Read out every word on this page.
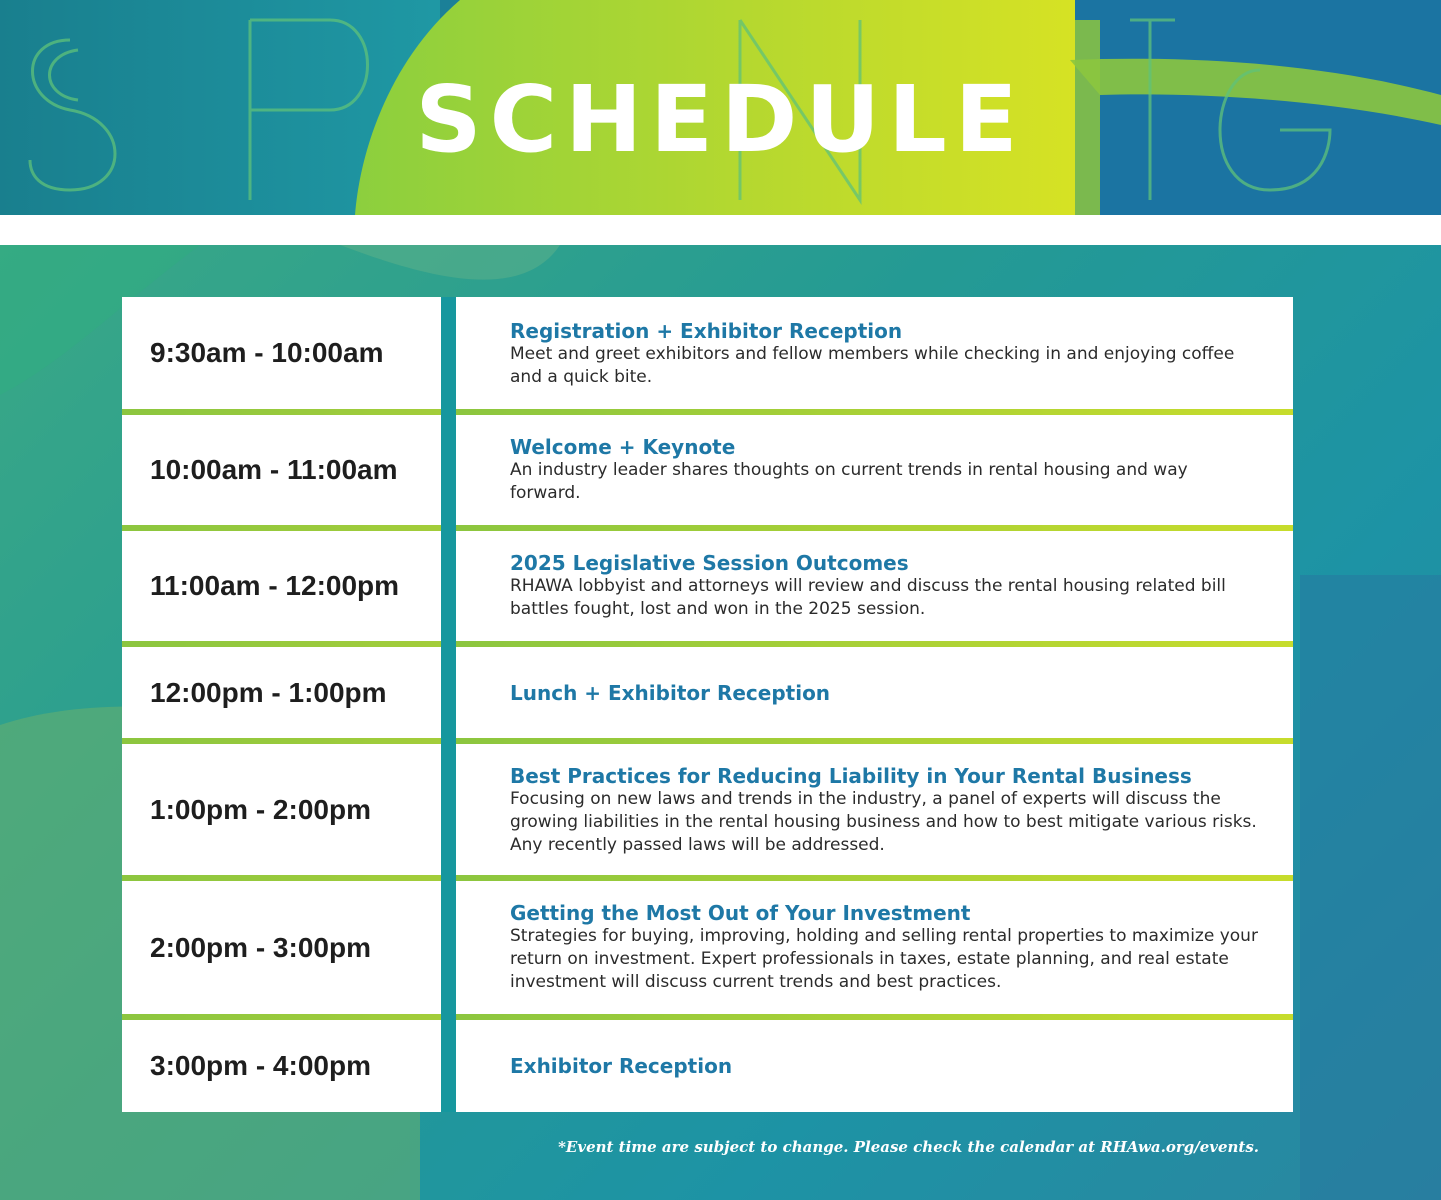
SCHEDULE
9:30am - 10:00am
Registration + Exhibitor Reception
Meet and greet exhibitors and fellow members while checking in and enjoying coffee and a quick bite.
10:00am - 11:00am
Welcome + Keynote
An industry leader shares thoughts on current trends in rental housing and way forward.
11:00am - 12:00pm
2025 Legislative Session Outcomes
RHAWA lobbyist and attorneys will review and discuss the rental housing related bill battles fought, lost and won in the 2025 session.
12:00pm - 1:00pm	Lunch + Exhibitor Reception
1:00pm - 2:00pm
Best Practices for Reducing Liability in Your Rental Business
Focusing on new laws and trends in the industry, a panel of experts will discuss the growing liabilities in the rental housing business and how to best mitigate various risks. Any recently passed laws will be addressed.
2:00pm - 3:00pm
Getting the Most Out of Your Investment
Strategies for buying, improving, holding and selling rental properties to maximize your return on investment. Expert professionals in taxes, estate planning, and real estate investment will discuss current trends and best practices.
3:00pm - 4:00pm	Exhibitor Reception
*Event time are subject to change. Please check the calendar at RHAwa.org/events.
